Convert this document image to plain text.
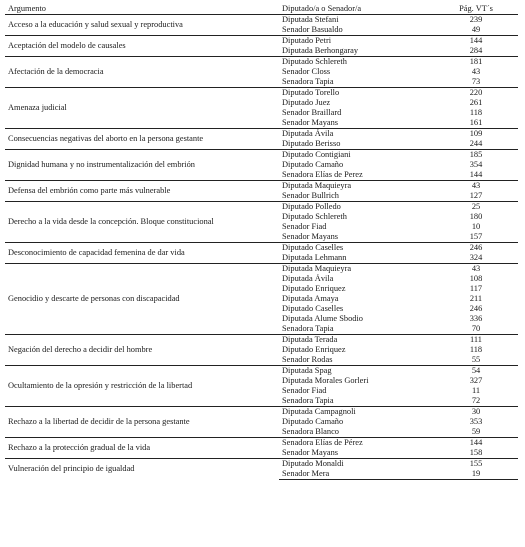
Argumento	Diputado/a o Senador/a	Pág. VT´s
Acceso a la educación y salud sexual y reproductiva	Diputada Stefani	239
	Senador Basualdo	49
Aceptación del modelo de causales	Diputado Petri	144
	Diputada Berhongaray	284
Afectación de la democracia	Diputado Schlereth	181
	Senador Closs	43
	Senadora Tapia	73
Amenaza judicial	Diputado Torello	220
	Diputado Juez	261
	Senador Braillard	118
	Senador Mayans	161
Consecuencias negativas del aborto en la persona gestante	Diputada Ávila	109
	Diputado Berisso	244
Dignidad humana y no instrumentalización del embrión	Diputado Contigiani	185
	Diputado Camaño	354
	Senadora Elías de Perez	144
Defensa del embrión como parte más vulnerable	Diputada Maquieyra	43
	Senador Bullrich	127
Derecho a la vida desde la concepción. Bloque constitucional	Diputado Polledo	25
	Diputado Schlereth	180
	Senador Fiad	10
	Senador Mayans	157
Desconocimiento de capacidad femenina de dar vida	Diputado Caselles	246
	Diputada Lehmann	324
Genocidio y descarte de personas con discapacidad	Diputada Maquieyra	43
	Diputada Ávila	108
	Diputado Enriquez	117
	Diputada Amaya	211
	Diputado Caselles	246
	Diputada Alume Sbodio	336
	Senadora Tapia	70
Negación del derecho a decidir del hombre	Diputada Terada	111
	Diputado Enriquez	118
	Senador Rodas	55
Ocultamiento de la opresión y restricción de la libertad	Diputada Spag	54
	Diputada Morales Gorleri	327
	Senador Fiad	11
	Senadora Tapia	72
Rechazo a la libertad de decidir de la persona gestante	Diputada Campagnoli	30
	Diputado Camaño	353
	Senadora Blanco	59
Rechazo a la protección gradual de la vida	Senadora Elías de Pérez	144
	Senador Mayans	158
Vulneración del principio de igualdad	Diputado Monaldi	155
	Senador Mera	19
